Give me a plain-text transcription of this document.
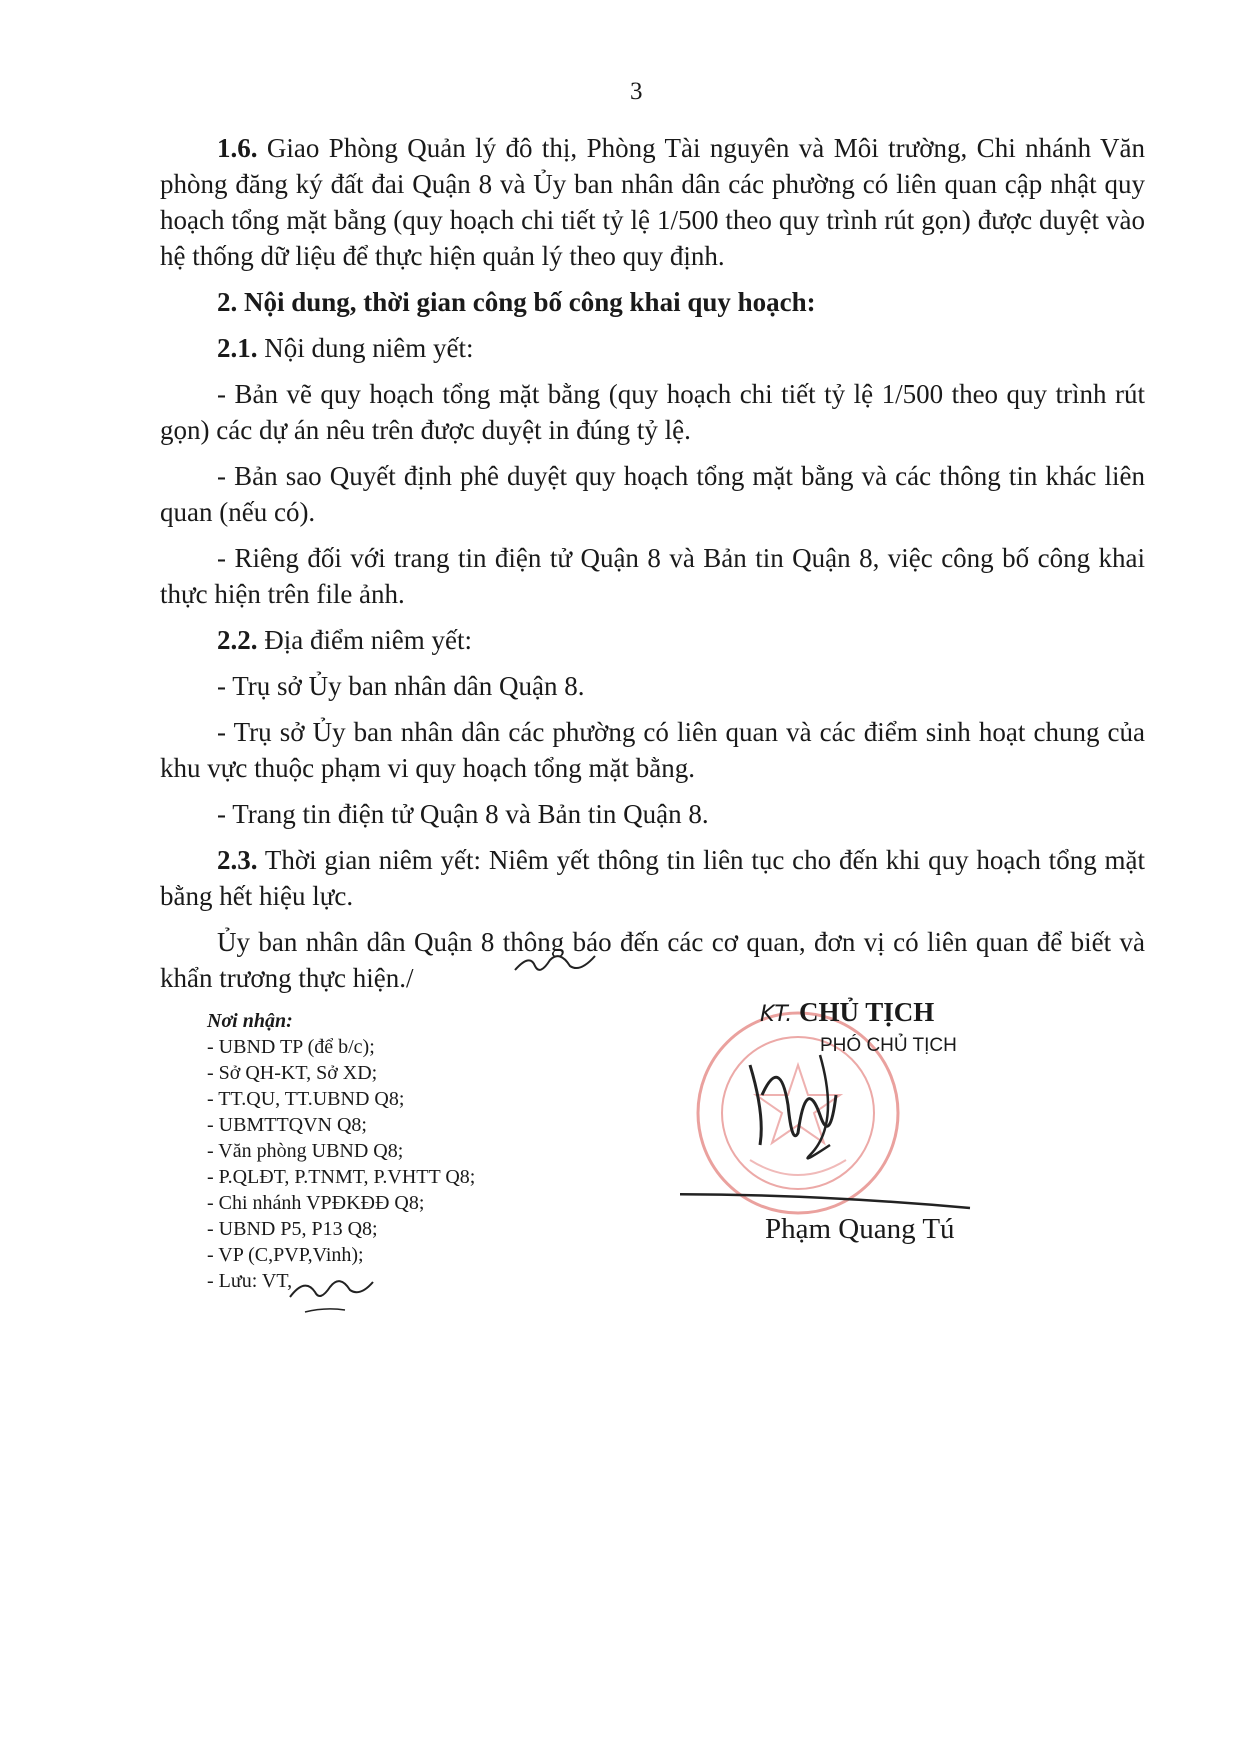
3

1.6. Giao Phòng Quản lý đô thị, Phòng Tài nguyên và Môi trường, Chi nhánh Văn phòng đăng ký đất đai Quận 8 và Ủy ban nhân dân các phường có liên quan cập nhật quy hoạch tổng mặt bằng (quy hoạch chi tiết tỷ lệ 1/500 theo quy trình rút gọn) được duyệt vào hệ thống dữ liệu để thực hiện quản lý theo quy định.

2. Nội dung, thời gian công bố công khai quy hoạch:

2.1. Nội dung niêm yết:

- Bản vẽ quy hoạch tổng mặt bằng (quy hoạch chi tiết tỷ lệ 1/500 theo quy trình rút gọn) các dự án nêu trên được duyệt in đúng tỷ lệ.

- Bản sao Quyết định phê duyệt quy hoạch tổng mặt bằng và các thông tin khác liên quan (nếu có).

- Riêng đối với trang tin điện tử Quận 8 và Bản tin Quận 8, việc công bố công khai thực hiện trên file ảnh.

2.2. Địa điểm niêm yết:

- Trụ sở Ủy ban nhân dân Quận 8.

- Trụ sở Ủy ban nhân dân các phường có liên quan và các điểm sinh hoạt chung của khu vực thuộc phạm vi quy hoạch tổng mặt bằng.

- Trang tin điện tử Quận 8 và Bản tin Quận 8.

2.3. Thời gian niêm yết: Niêm yết thông tin liên tục cho đến khi quy hoạch tổng mặt bằng hết hiệu lực.

Ủy ban nhân dân Quận 8 thông báo đến các cơ quan, đơn vị có liên quan để biết và khẩn trương thực hiện./

Nơi nhận:
- UBND TP (để b/c);
- Sở QH-KT, Sở XD;
- TT.QU, TT.UBND Q8;
- UBMTTQVN Q8;
- Văn phòng UBND Q8;
- P.QLĐT, P.TNMT, P.VHTT Q8;
- Chi nhánh VPĐKĐĐ Q8;
- UBND P5, P13 Q8;
- VP (C,PVP,Vinh);
- Lưu: VT,
KT. CHỦ TỊCH
PHÓ CHỦ TỊCH
Phạm Quang Tú
